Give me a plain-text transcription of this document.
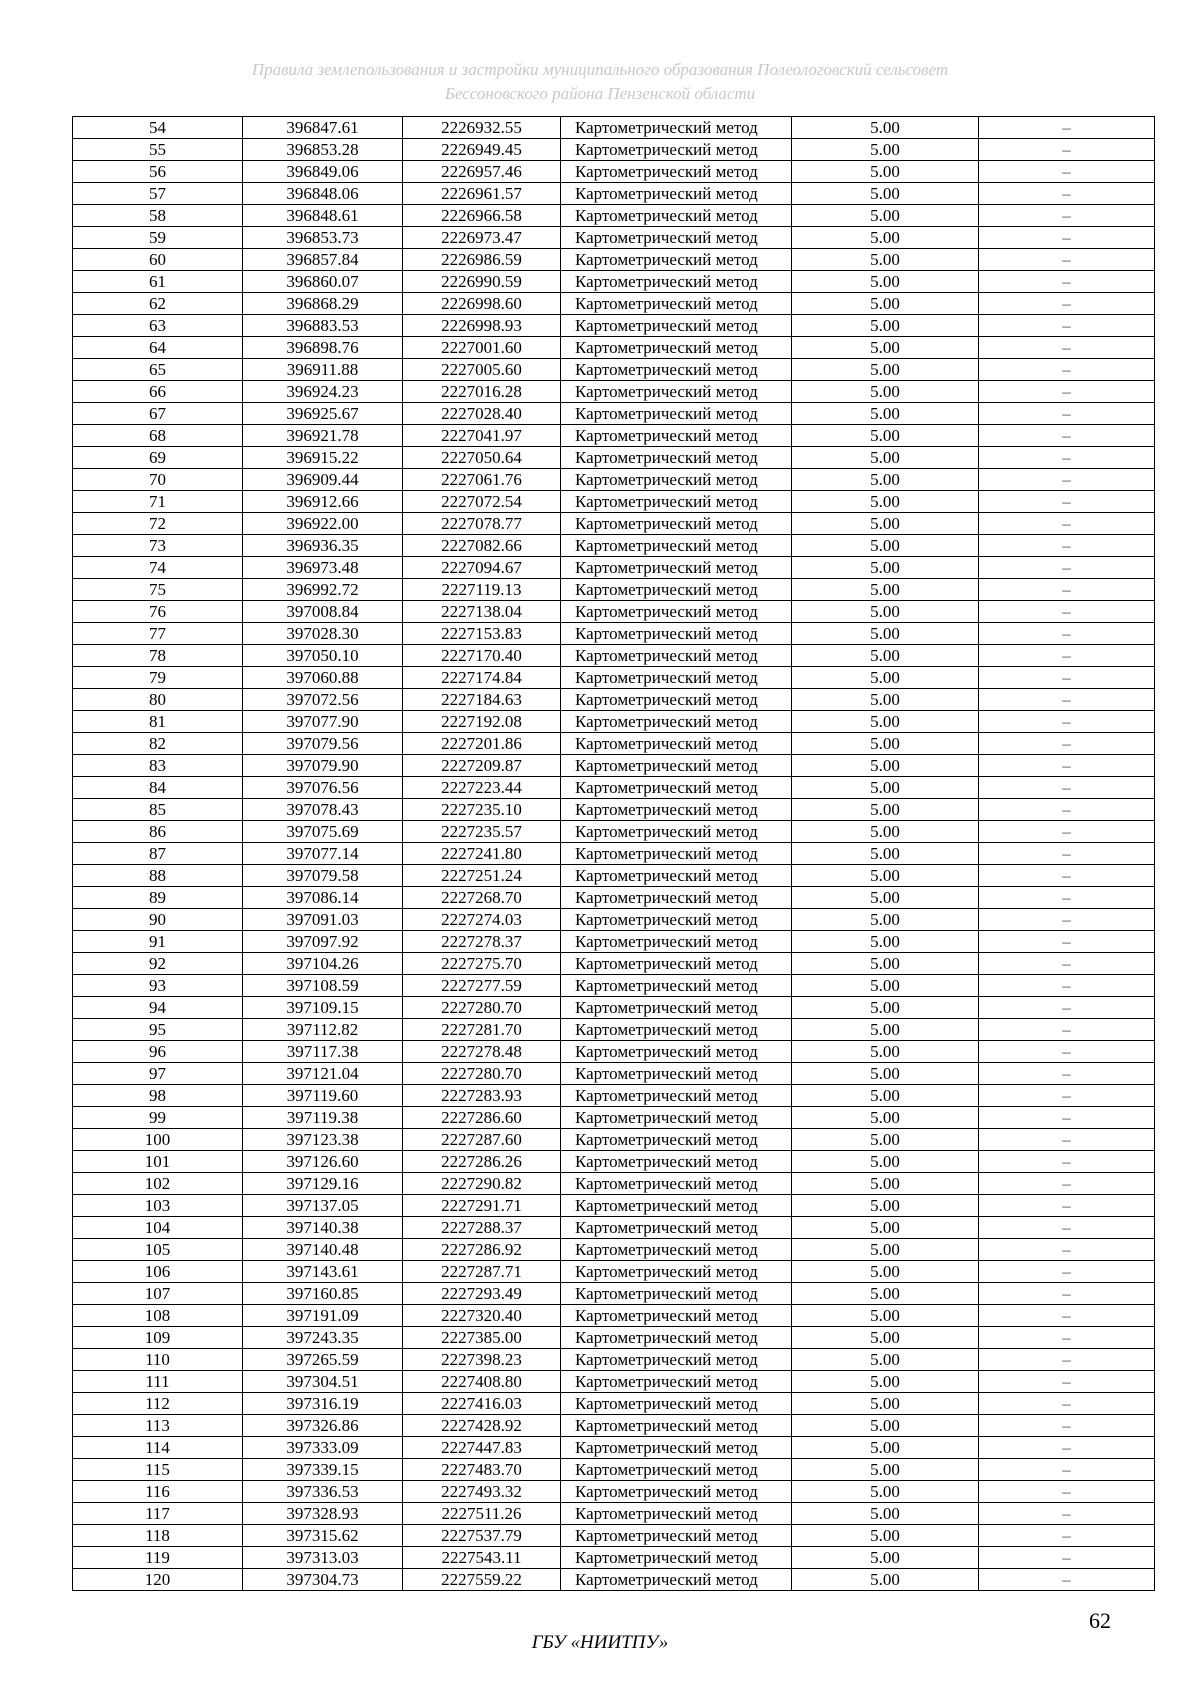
Правила землепользования и застройки муниципального образования Полеологовский сельсовет
Бессоновского района Пензенской области
54	396847.61	2226932.55	Картометрический метод	5.00	–
55	396853.28	2226949.45	Картометрический метод	5.00	–
56	396849.06	2226957.46	Картометрический метод	5.00	–
57	396848.06	2226961.57	Картометрический метод	5.00	–
58	396848.61	2226966.58	Картометрический метод	5.00	–
59	396853.73	2226973.47	Картометрический метод	5.00	–
60	396857.84	2226986.59	Картометрический метод	5.00	–
61	396860.07	2226990.59	Картометрический метод	5.00	–
62	396868.29	2226998.60	Картометрический метод	5.00	–
63	396883.53	2226998.93	Картометрический метод	5.00	–
64	396898.76	2227001.60	Картометрический метод	5.00	–
65	396911.88	2227005.60	Картометрический метод	5.00	–
66	396924.23	2227016.28	Картометрический метод	5.00	–
67	396925.67	2227028.40	Картометрический метод	5.00	–
68	396921.78	2227041.97	Картометрический метод	5.00	–
69	396915.22	2227050.64	Картометрический метод	5.00	–
70	396909.44	2227061.76	Картометрический метод	5.00	–
71	396912.66	2227072.54	Картометрический метод	5.00	–
72	396922.00	2227078.77	Картометрический метод	5.00	–
73	396936.35	2227082.66	Картометрический метод	5.00	–
74	396973.48	2227094.67	Картометрический метод	5.00	–
75	396992.72	2227119.13	Картометрический метод	5.00	–
76	397008.84	2227138.04	Картометрический метод	5.00	–
77	397028.30	2227153.83	Картометрический метод	5.00	–
78	397050.10	2227170.40	Картометрический метод	5.00	–
79	397060.88	2227174.84	Картометрический метод	5.00	–
80	397072.56	2227184.63	Картометрический метод	5.00	–
81	397077.90	2227192.08	Картометрический метод	5.00	–
82	397079.56	2227201.86	Картометрический метод	5.00	–
83	397079.90	2227209.87	Картометрический метод	5.00	–
84	397076.56	2227223.44	Картометрический метод	5.00	–
85	397078.43	2227235.10	Картометрический метод	5.00	–
86	397075.69	2227235.57	Картометрический метод	5.00	–
87	397077.14	2227241.80	Картометрический метод	5.00	–
88	397079.58	2227251.24	Картометрический метод	5.00	–
89	397086.14	2227268.70	Картометрический метод	5.00	–
90	397091.03	2227274.03	Картометрический метод	5.00	–
91	397097.92	2227278.37	Картометрический метод	5.00	–
92	397104.26	2227275.70	Картометрический метод	5.00	–
93	397108.59	2227277.59	Картометрический метод	5.00	–
94	397109.15	2227280.70	Картометрический метод	5.00	–
95	397112.82	2227281.70	Картометрический метод	5.00	–
96	397117.38	2227278.48	Картометрический метод	5.00	–
97	397121.04	2227280.70	Картометрический метод	5.00	–
98	397119.60	2227283.93	Картометрический метод	5.00	–
99	397119.38	2227286.60	Картометрический метод	5.00	–
100	397123.38	2227287.60	Картометрический метод	5.00	–
101	397126.60	2227286.26	Картометрический метод	5.00	–
102	397129.16	2227290.82	Картометрический метод	5.00	–
103	397137.05	2227291.71	Картометрический метод	5.00	–
104	397140.38	2227288.37	Картометрический метод	5.00	–
105	397140.48	2227286.92	Картометрический метод	5.00	–
106	397143.61	2227287.71	Картометрический метод	5.00	–
107	397160.85	2227293.49	Картометрический метод	5.00	–
108	397191.09	2227320.40	Картометрический метод	5.00	–
109	397243.35	2227385.00	Картометрический метод	5.00	–
110	397265.59	2227398.23	Картометрический метод	5.00	–
111	397304.51	2227408.80	Картометрический метод	5.00	–
112	397316.19	2227416.03	Картометрический метод	5.00	–
113	397326.86	2227428.92	Картометрический метод	5.00	–
114	397333.09	2227447.83	Картометрический метод	5.00	–
115	397339.15	2227483.70	Картометрический метод	5.00	–
116	397336.53	2227493.32	Картометрический метод	5.00	–
117	397328.93	2227511.26	Картометрический метод	5.00	–
118	397315.62	2227537.79	Картометрический метод	5.00	–
119	397313.03	2227543.11	Картометрический метод	5.00	–
120	397304.73	2227559.22	Картометрический метод	5.00	–
62
ГБУ «НИИТПУ»
